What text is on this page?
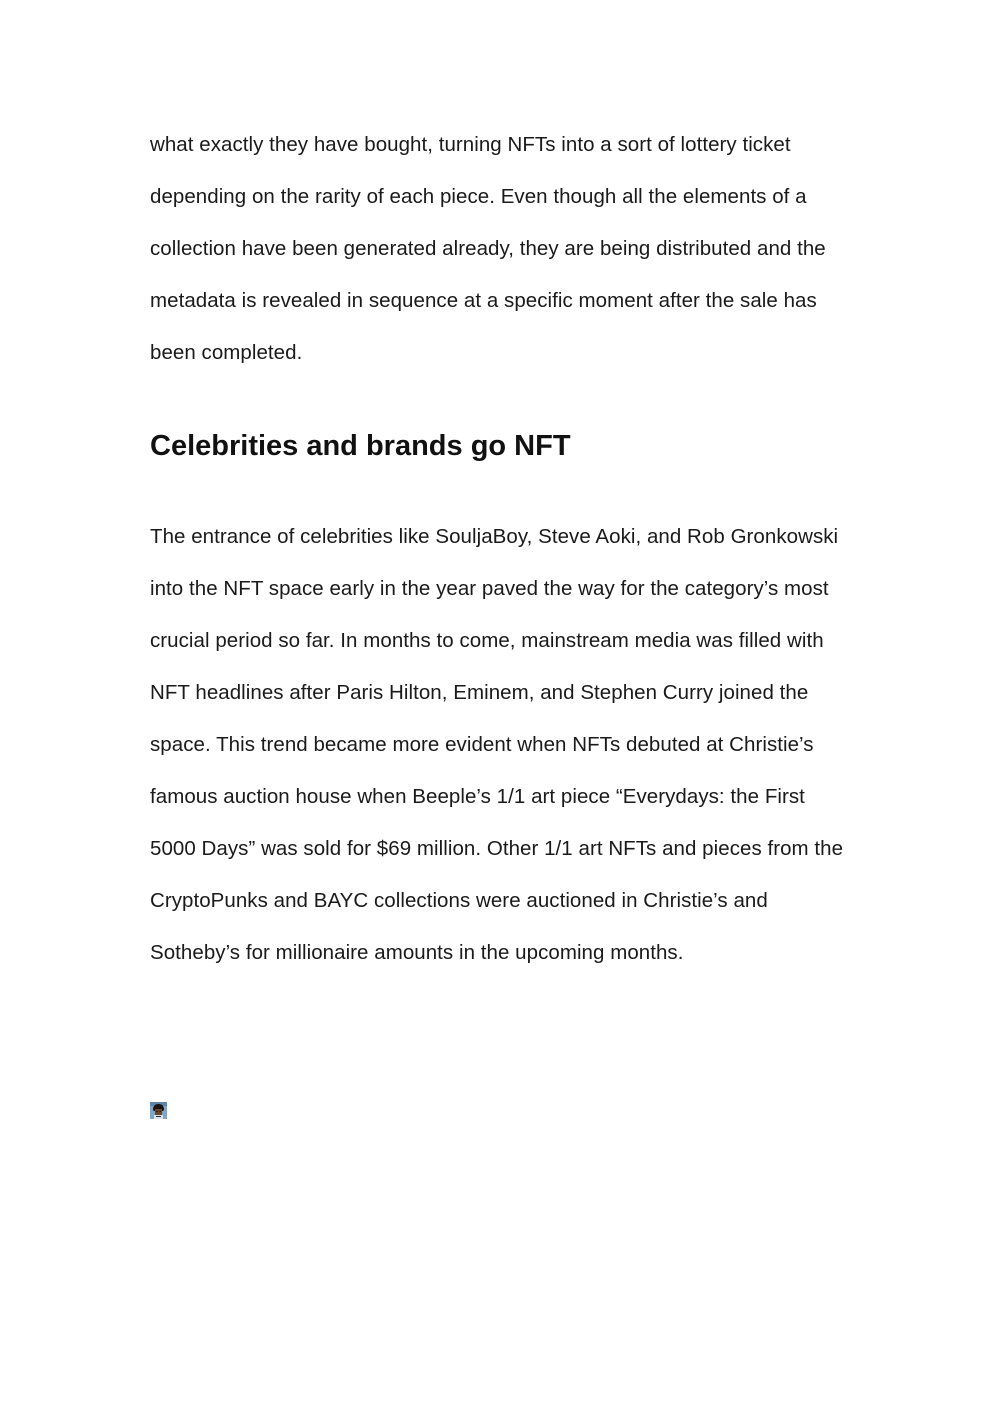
what exactly they have bought, turning NFTs into a sort of lottery ticket depending on the rarity of each piece. Even though all the elements of a collection have been generated already, they are being distributed and the metadata is revealed in sequence at a specific moment after the sale has been completed.

Celebrities and brands go NFT

The entrance of celebrities like SouljaBoy, Steve Aoki, and Rob Gronkowski into the NFT space early in the year paved the way for the category’s most crucial period so far. In months to come, mainstream media was filled with NFT headlines after Paris Hilton, Eminem, and Stephen Curry joined the space. This trend became more evident when NFTs debuted at Christie’s famous auction house when Beeple’s 1/1 art piece “Everydays: the First 5000 Days” was sold for $69 million. Other 1/1 art NFTs and pieces from the CryptoPunks and BAYC collections were auctioned in Christie’s and Sotheby’s for millionaire amounts in the upcoming months.
